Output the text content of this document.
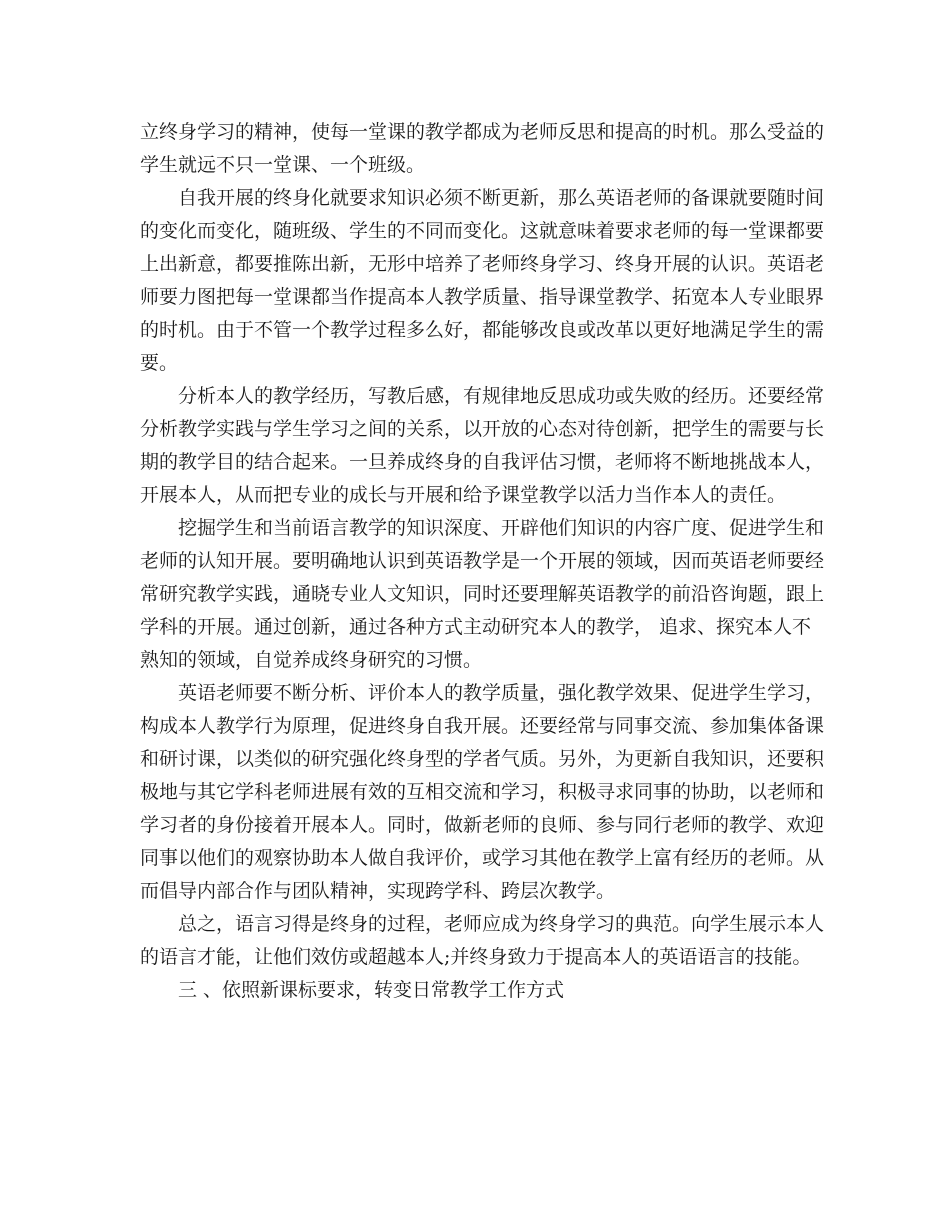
立终身学习的精神，使每一堂课的教学都成为老师反思和提高的时机。那么受益的
学生就远不只一堂课、一个班级。
自我开展的终身化就要求知识必须不断更新，那么英语老师的备课就要随时间
的变化而变化，随班级、学生的不同而变化。这就意味着要求老师的每一堂课都要
上出新意，都要推陈出新，无形中培养了老师终身学习、终身开展的认识。英语老
师要力图把每一堂课都当作提高本人教学质量、指导课堂教学、拓宽本人专业眼界
的时机。由于不管一个教学过程多么好，都能够改良或改革以更好地满足学生的需
要。
分析本人的教学经历，写教后感，有规律地反思成功或失败的经历。还要经常
分析教学实践与学生学习之间的关系，以开放的心态对待创新，把学生的需要与长
期的教学目的结合起来。一旦养成终身的自我评估习惯，老师将不断地挑战本人，
开展本人，从而把专业的成长与开展和给予课堂教学以活力当作本人的责任。
挖掘学生和当前语言教学的知识深度、开辟他们知识的内容广度、促进学生和
老师的认知开展。要明确地认识到英语教学是一个开展的领域，因而英语老师要经
常研究教学实践，通晓专业人文知识，同时还要理解英语教学的前沿咨询题，跟上
学科的开展。通过创新，通过各种方式主动研究本人的教学， 追求、探究本人不
熟知的领域，自觉养成终身研究的习惯。
英语老师要不断分析、评价本人的教学质量，强化教学效果、促进学生学习，
构成本人教学行为原理，促进终身自我开展。还要经常与同事交流、参加集体备课
和研讨课，以类似的研究强化终身型的学者气质。另外，为更新自我知识，还要积
极地与其它学科老师进展有效的互相交流和学习，积极寻求同事的协助，以老师和
学习者的身份接着开展本人。同时，做新老师的良师、参与同行老师的教学、欢迎
同事以他们的观察协助本人做自我评价，或学习其他在教学上富有经历的老师。从
而倡导内部合作与团队精神，实现跨学科、跨层次教学。
总之，语言习得是终身的过程，老师应成为终身学习的典范。向学生展示本人
的语言才能，让他们效仿或超越本人;并终身致力于提高本人的英语语言的技能。
三 、依照新课标要求，转变日常教学工作方式
